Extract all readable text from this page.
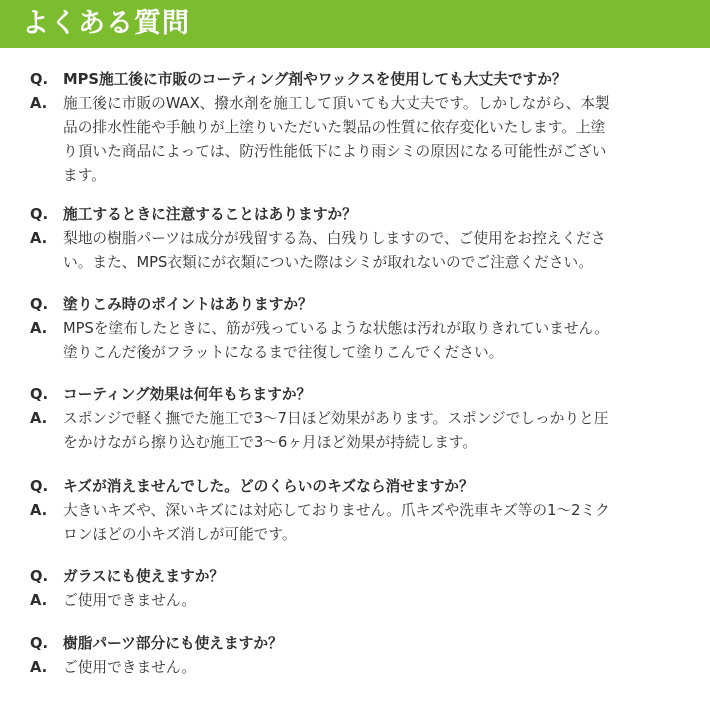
よくある質問
Q. MPS施工後に市販のコーティング剤やワックスを使用しても大丈夫ですか？
A. 施工後に市販のWAX、撥水剤を施工して頂いても大丈夫です。しかしながら、本製
品の排水性能や手触りが上塗りいただいた製品の性質に依存変化いたします。上塗
り頂いた商品によっては、防汚性能低下により雨シミの原因になる可能性がござい
ます。
Q. 施工するときに注意することはありますか？
A. 梨地の樹脂パーツは成分が残留する為、白残りしますので、ご使用をお控えくださ
い。また、MPS衣類にが衣類についた際はシミが取れないのでご注意ください。
Q. 塗りこみ時のポイントはありますか？
A. MPSを塗布したときに、筋が残っているような状態は汚れが取りきれていません。
塗りこんだ後がフラットになるまで往復して塗りこんでください。
Q. コーティング効果は何年もちますか？
A. スポンジで軽く撫でた施工で3〜7日ほど効果があります。スポンジでしっかりと圧
をかけながら擦り込む施工で3〜6ヶ月ほど効果が持続します。
Q. キズが消えませんでした。どのくらいのキズなら消せますか？
A. 大きいキズや、深いキズには対応しておりません。爪キズや洗車キズ等の1〜2ミク
ロンほどの小キズ消しが可能です。
Q. ガラスにも使えますか？
A. ご使用できません。
Q. 樹脂パーツ部分にも使えますか？
A. ご使用できません。
